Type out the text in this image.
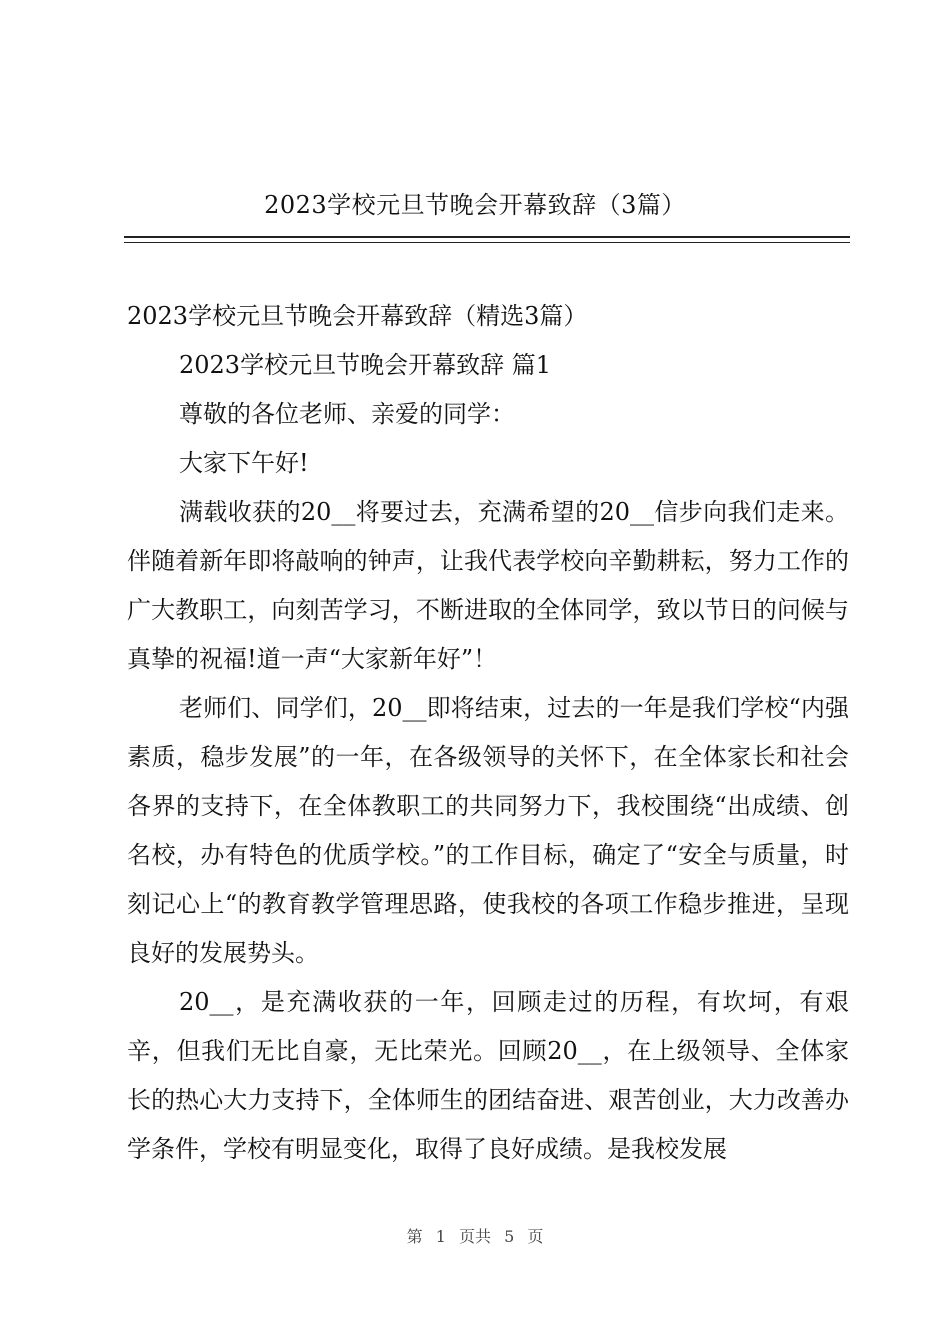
2023学校元旦节晚会开幕致辞（3篇）

2023学校元旦节晚会开幕致辞（精选3篇）

2023学校元旦节晚会开幕致辞 篇1

尊敬的各位老师、亲爱的同学：

大家下午好!

满载收获的20__将要过去，充满希望的20__信步向我们走来。伴随着新年即将敲响的钟声，让我代表学校向辛勤耕耘，努力工作的广大教职工，向刻苦学习，不断进取的全体同学，致以节日的问候与真挚的祝福!道一声“大家新年好”！

老师们、同学们，20__即将结束，过去的一年是我们学校“内强素质，稳步发展”的一年，在各级领导的关怀下，在全体家长和社会各界的支持下，在全体教职工的共同努力下，我校围绕“出成绩、创名校，办有特色的优质学校。”的工作目标，确定了“安全与质量，时刻记心上“的教育教学管理思路，使我校的各项工作稳步推进，呈现良好的发展势头。

20__，是充满收获的一年，回顾走过的历程，有坎坷，有艰辛，但我们无比自豪，无比荣光。回顾20__，在上级领导、全体家长的热心大力支持下，全体师生的团结奋进、艰苦创业，大力改善办学条件，学校有明显变化，取得了良好成绩。是我校发展

第 1 页共 5 页
